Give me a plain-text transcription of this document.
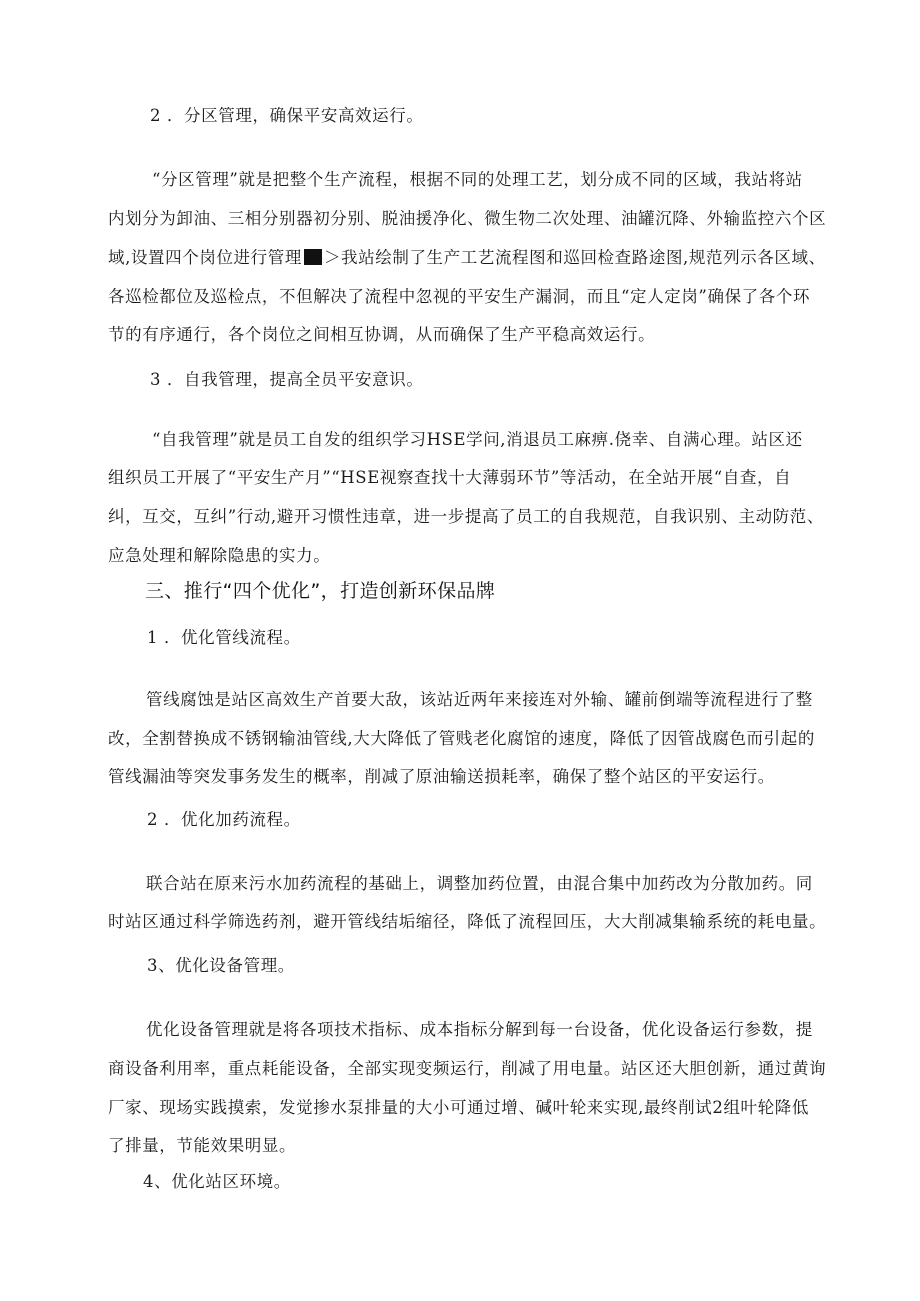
2 ．分区管理，确保平安高效运行。
“分区管理”就是把整个生产流程，根据不同的处理工艺，划分成不同的区域，我站将站
内划分为卸油、三相分别器初分别、脱油援净化、微生物二次处理、油罐沉降、外输监控六个区
域,设置四个岗位进行管理 ＞我站绘制了生产工艺流程图和巡回检查路途图,规范列示各区域、
各巡检都位及巡检点，不但解决了流程中忽视的平安生产漏洞，而且“定人定岗”确保了各个环
节的有序通行，各个岗位之间相互协调，从而确保了生产平稳高效运行。
3 ．自我管理，提高全员平安意识。
“自我管理”就是员工自发的组织学习HSE学问,消退员工麻痹.侥幸、自满心理。站区还
组织员工开展了“平安生产月”“HSE视察查找十大薄弱环节”等活动，在全站开展“自查，自
纠，互交，互纠”行动,避开习惯性违章，进一步提高了员工的自我规范，自我识别、主动防范、
应急处理和解除隐患的实力。
三、推行“四个优化”，打造创新环保品牌
1 ．优化管线流程。
管线腐蚀是站区高效生产首要大敌，该站近两年来接连对外输、罐前倒端等流程进行了整
改，全割替换成不锈钢输油管线,大大降低了管贱老化腐馆的速度，降低了因管战腐色而引起的
管线漏油等突发事务发生的概率，削减了原油输送损耗率，确保了整个站区的平安运行。
2 ．优化加药流程。
联合站在原来污水加药流程的基础上，调整加药位置，由混合集中加药改为分散加药。同
时站区通过科学筛选药剂，避开管线结垢缩径，降低了流程回压，大大削减集输系统的耗电量。
3、优化设备管理。
优化设备管理就是将各项技术指标、成本指标分解到每一台设备，优化设备运行参数，提
商设备利用率，重点耗能设备，全部实现变频运行，削减了用电量。站区还大胆创新，通过黄询
厂家、现场实践摸索，发觉掺水泵排量的大小可通过增、碱叶轮来实现,最终削试2组叶轮降低
了排量，节能效果明显。
4、优化站区环境。
